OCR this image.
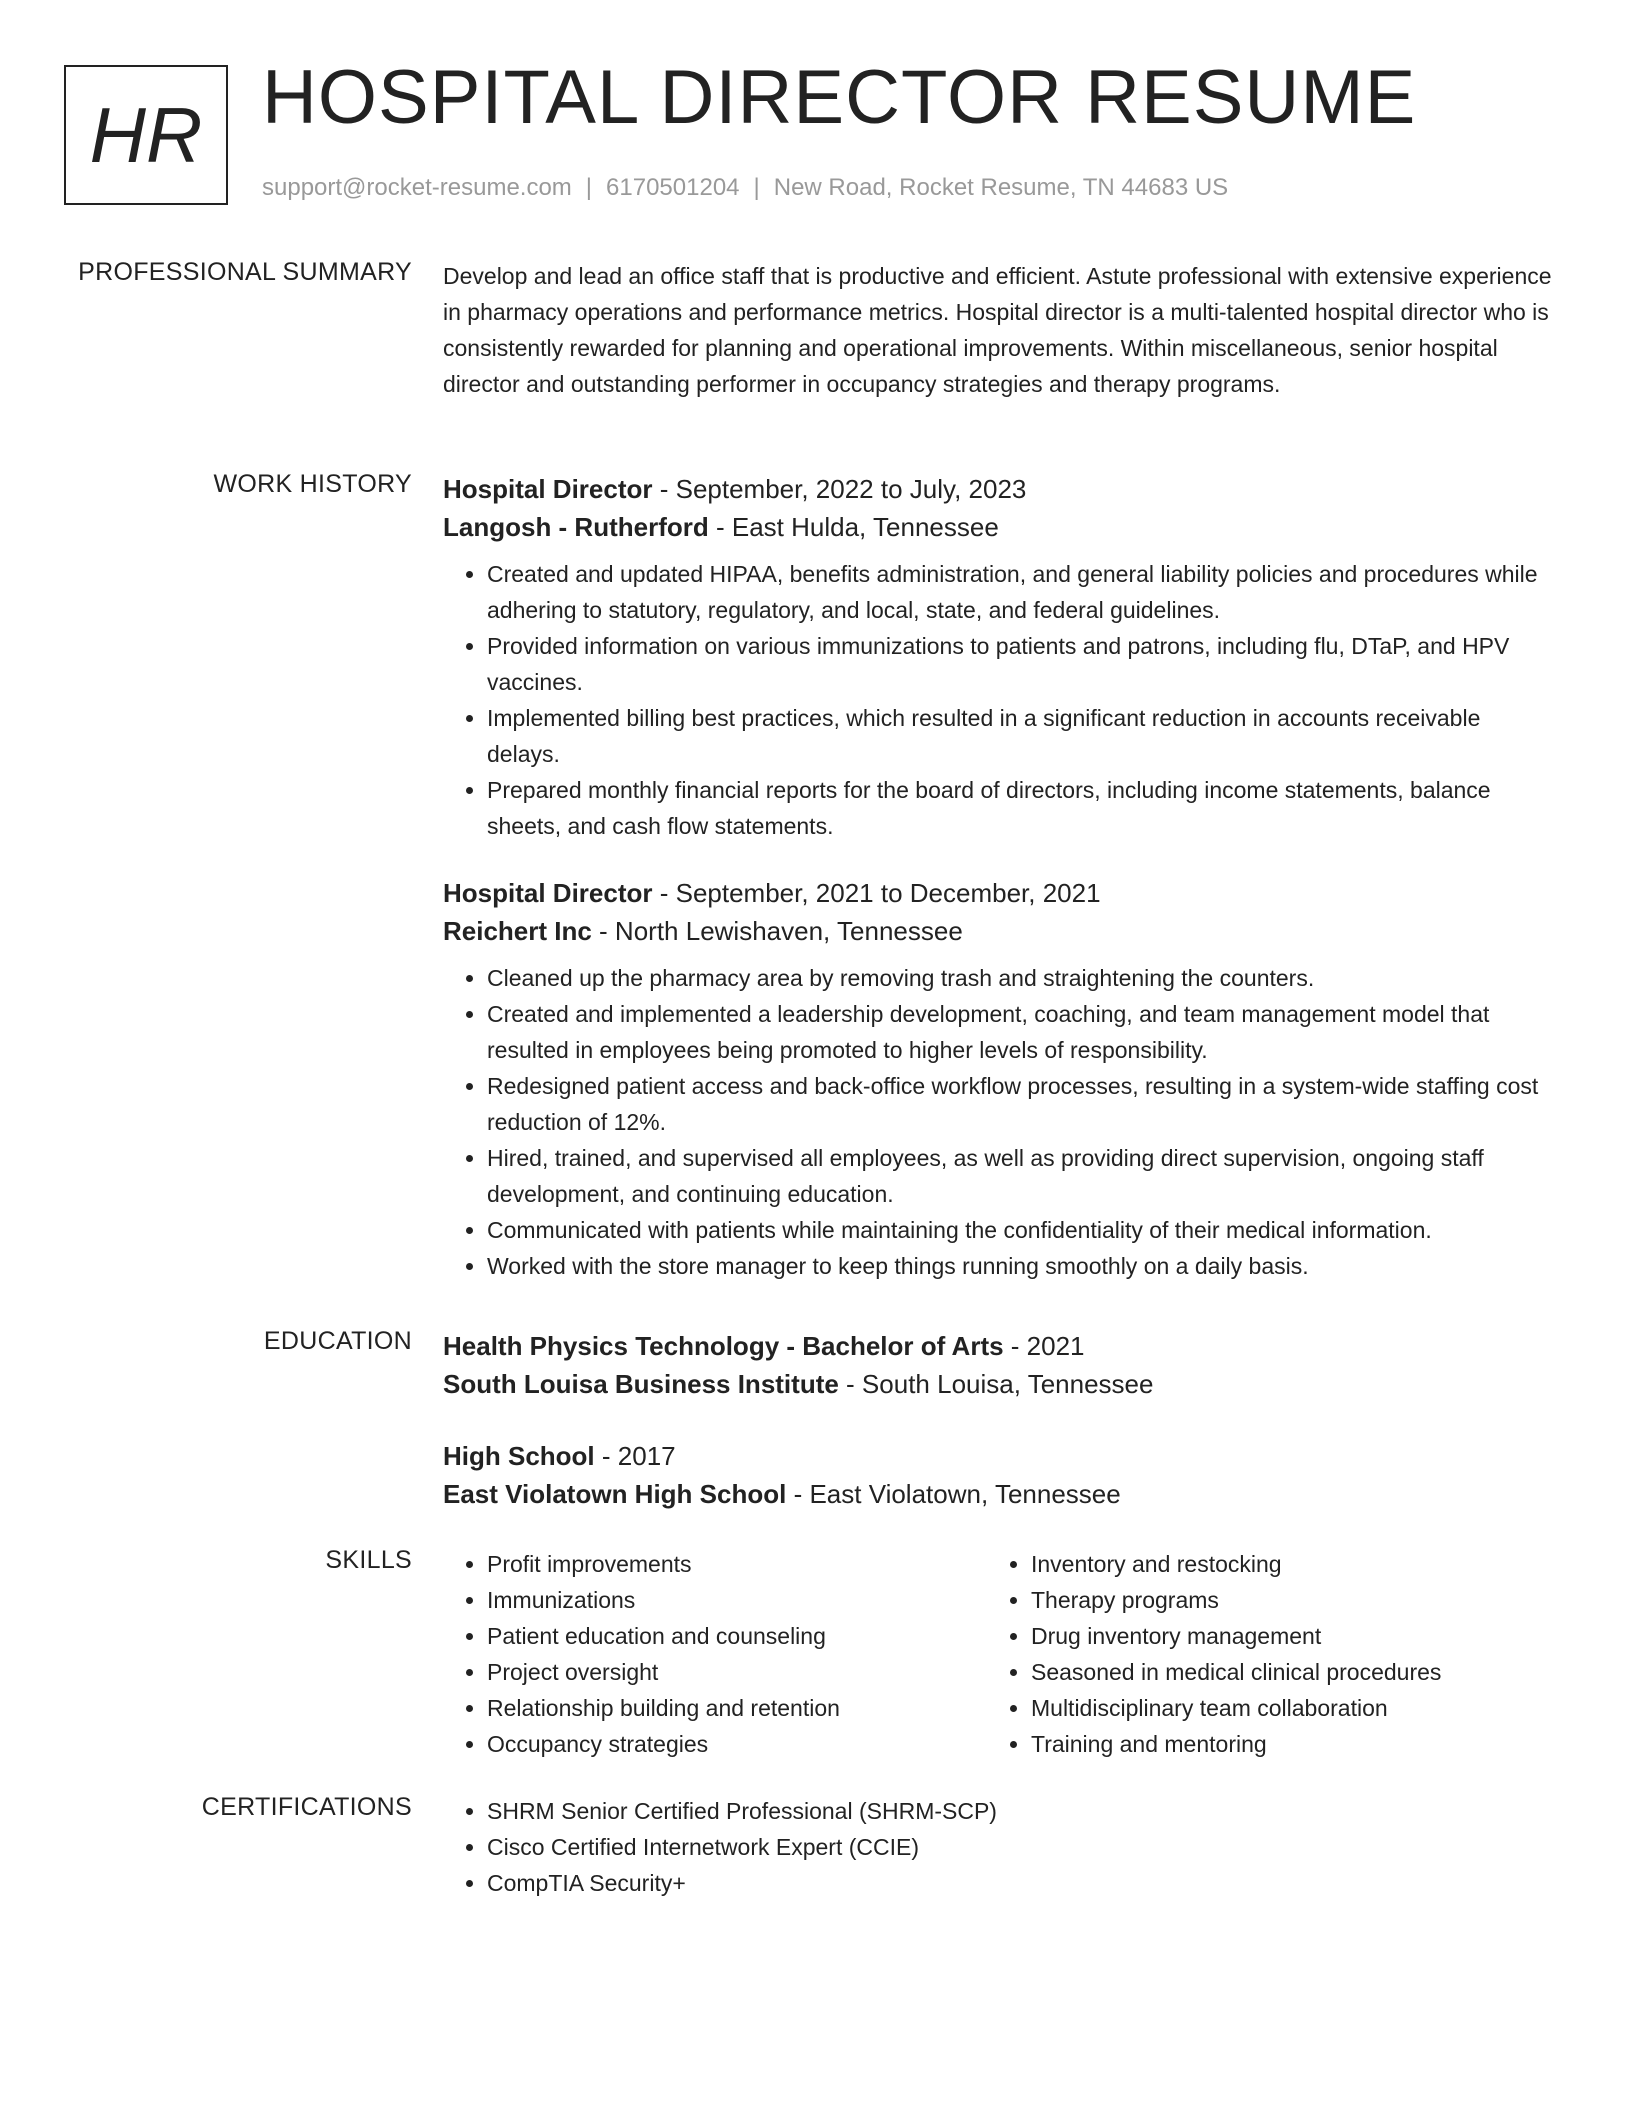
HR HOSPITAL DIRECTOR RESUME
support@rocket-resume.com | 6170501204 | New Road, Rocket Resume, TN 44683 US
PROFESSIONAL SUMMARY Develop and lead an office staff that is productive and efficient. Astute professional with extensive experience in pharmacy operations and performance metrics. Hospital director is a multi-talented hospital director who is consistently rewarded for planning and operational improvements. Within miscellaneous, senior hospital director and outstanding performer in occupancy strategies and therapy programs.

WORK HISTORY Hospital Director - September, 2022 to July, 2023
Langosh - Rutherford - East Hulda, Tennessee
• Created and updated HIPAA, benefits administration, and general liability policies and procedures while adhering to statutory, regulatory, and local, state, and federal guidelines.
• Provided information on various immunizations to patients and patrons, including flu, DTaP, and HPV vaccines.
• Implemented billing best practices, which resulted in a significant reduction in accounts receivable delays.
• Prepared monthly financial reports for the board of directors, including income statements, balance sheets, and cash flow statements.
Hospital Director - September, 2021 to December, 2021
Reichert Inc - North Lewishaven, Tennessee
• Cleaned up the pharmacy area by removing trash and straightening the counters.
• Created and implemented a leadership development, coaching, and team management model that resulted in employees being promoted to higher levels of responsibility.
• Redesigned patient access and back-office workflow processes, resulting in a system-wide staffing cost reduction of 12%.
• Hired, trained, and supervised all employees, as well as providing direct supervision, ongoing staff development, and continuing education.
• Communicated with patients while maintaining the confidentiality of their medical information.
• Worked with the store manager to keep things running smoothly on a daily basis.
EDUCATION Health Physics Technology - Bachelor of Arts - 2021
South Louisa Business Institute - South Louisa, Tennessee
High School - 2017
East Violatown High School - East Violatown, Tennessee
SKILLS	• Profit improvements
• Immunizations
• Patient education and counseling
• Project oversight
• Relationship building and retention
• Occupancy strategies
• Inventory and restocking
• Therapy programs
• Drug inventory management
• Seasoned in medical clinical procedures
• Multidisciplinary team collaboration
• Training and mentoring
CERTIFICATIONS	• SHRM Senior Certified Professional (SHRM-SCP)
• Cisco Certified Internetwork Expert (CCIE)
• CompTIA Security+
